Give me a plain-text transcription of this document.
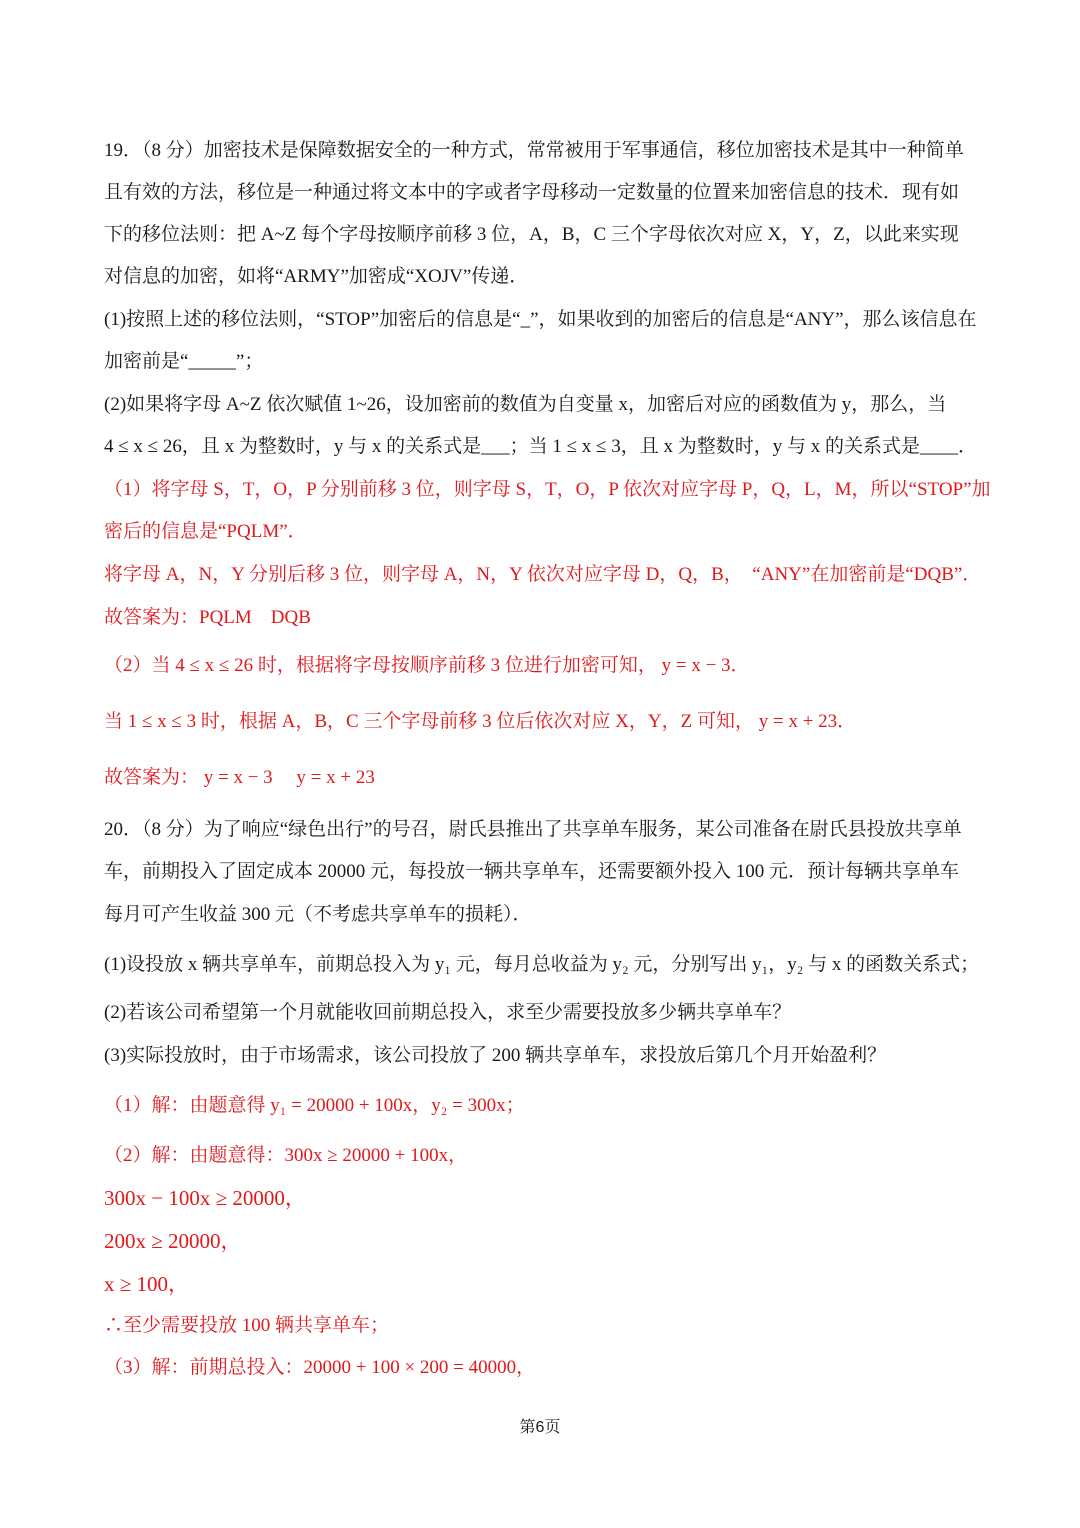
19．（8 分）加密技术是保障数据安全的一种方式，常常被用于军事通信，移位加密技术是其中一种简单
且有效的方法，移位是一种通过将文本中的字或者字母移动一定数量的位置来加密信息的技术．现有如
下的移位法则：把 A~Z 每个字母按顺序前移 3 位，A，B，C 三个字母依次对应 X，Y，Z，以此来实现
对信息的加密，如将“ARMY”加密成“XOJV”传递．
(1)按照上述的移位法则，“STOP”加密后的信息是“_”，如果收到的加密后的信息是“ANY”，那么该信息在
加密前是“_____”；
(2)如果将字母 A~Z 依次赋值 1~26，设加密前的数值为自变量 x，加密后对应的函数值为 y，那么，当
4 ≤ x ≤ 26，且 x 为整数时，y 与 x 的关系式是___；当 1 ≤ x ≤ 3，且 x 为整数时，y 与 x 的关系式是____．
（1）将字母 S，T，O，P 分别前移 3 位，则字母 S，T，O，P 依次对应字母 P，Q，L，M，所以“STOP”加
密后的信息是“PQLM”．
将字母 A，N，Y 分别后移 3 位，则字母 A，N，Y 依次对应字母 D，Q，B，　“ANY”在加密前是“DQB”．
故答案为：PQLM　DQB
（2）当 4 ≤ x ≤ 26 时，根据将字母按顺序前移 3 位进行加密可知， y = x − 3．
当 1 ≤ x ≤ 3 时，根据 A，B，C 三个字母前移 3 位后依次对应 X，Y，Z 可知， y = x + 23．
故答案为： y = x − 3　 y = x + 23
20．（8 分）为了响应“绿色出行”的号召，尉氏县推出了共享单车服务，某公司准备在尉氏县投放共享单
车，前期投入了固定成本 20000 元，每投放一辆共享单车，还需要额外投入 100 元．预计每辆共享单车
每月可产生收益 300 元（不考虑共享单车的损耗）．
(1)设投放 x 辆共享单车，前期总投入为 y₁ 元，每月总收益为 y₂ 元，分别写出 y₁，y₂ 与 x 的函数关系式；
(2)若该公司希望第一个月就能收回前期总投入，求至少需要投放多少辆共享单车？
(3)实际投放时，由于市场需求，该公司投放了 200 辆共享单车，求投放后第几个月开始盈利？
（1）解：由题意得 y₁ = 20000 + 100x，y₂ = 300x；
（2）解：由题意得：300x ≥ 20000 + 100x，
300x − 100x ≥ 20000，
200x ≥ 20000，
x ≥ 100，
∴至少需要投放 100 辆共享单车；
（3）解：前期总投入：20000 + 100 × 200 = 40000，
第6页
